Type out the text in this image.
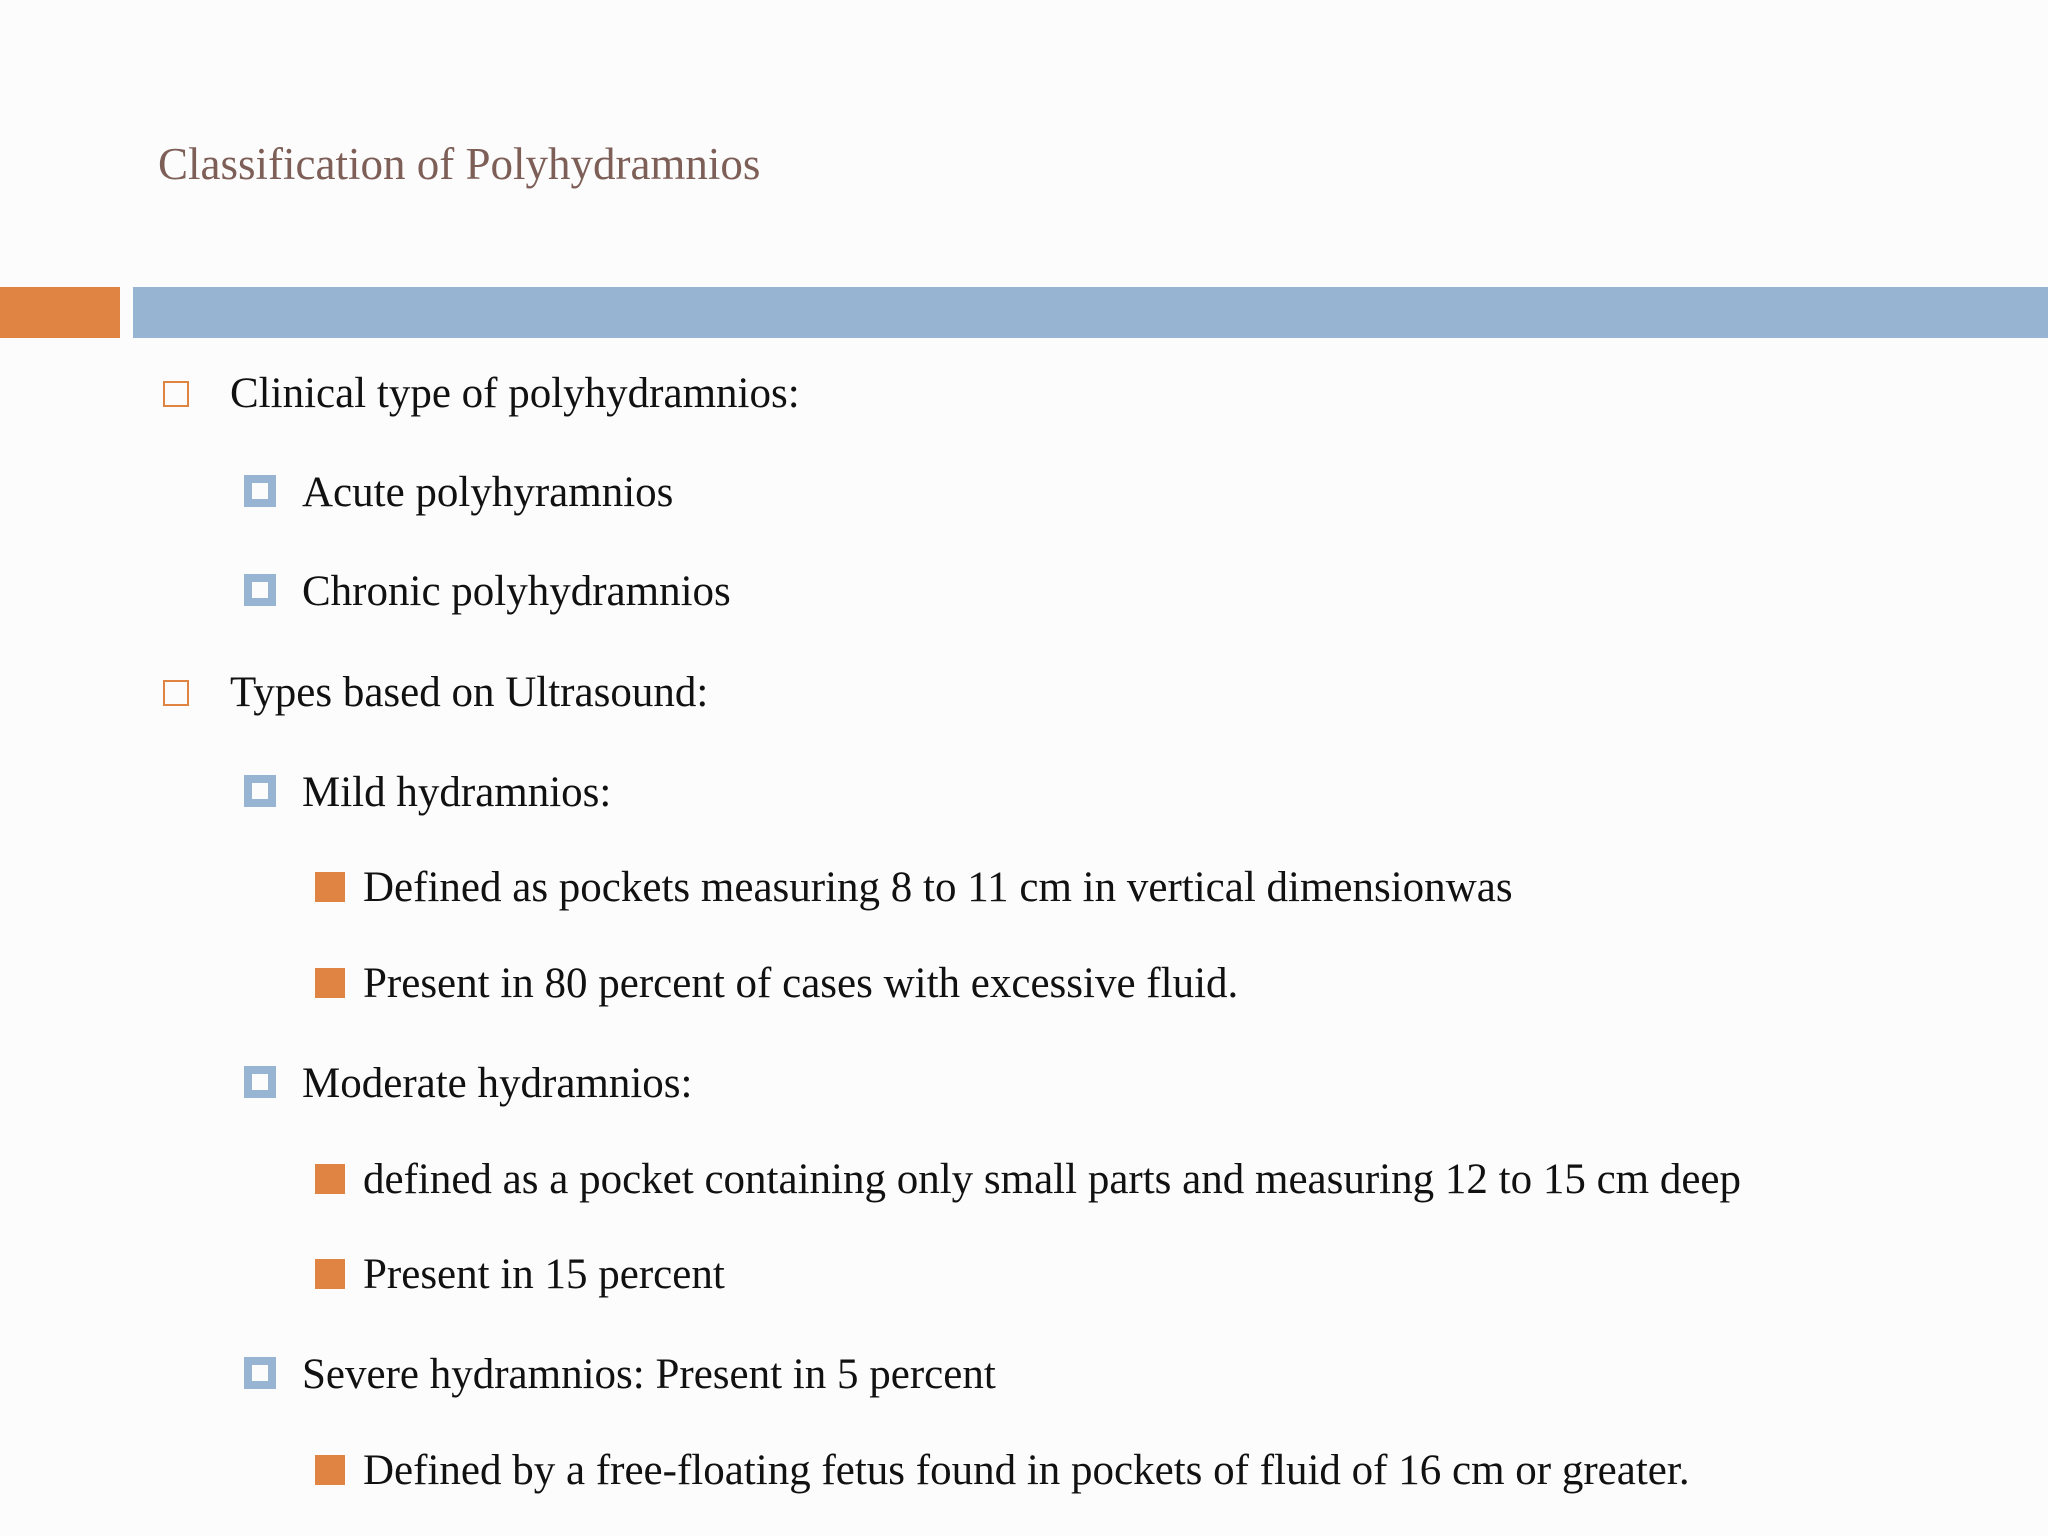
Classification of Polyhydramnios
Clinical type of polyhydramnios:
Acute polyhyramnios
Chronic polyhydramnios
Types based on Ultrasound:
Mild hydramnios:
Defined as pockets measuring 8 to 11 cm in vertical dimensionwas
Present in 80 percent of cases with excessive fluid.
Moderate hydramnios:
defined as a pocket containing only small parts and measuring 12 to 15 cm deep
Present in 15 percent
Severe hydramnios: Present in 5 percent
Defined by a free-floating fetus found in pockets of fluid of 16 cm or greater.
